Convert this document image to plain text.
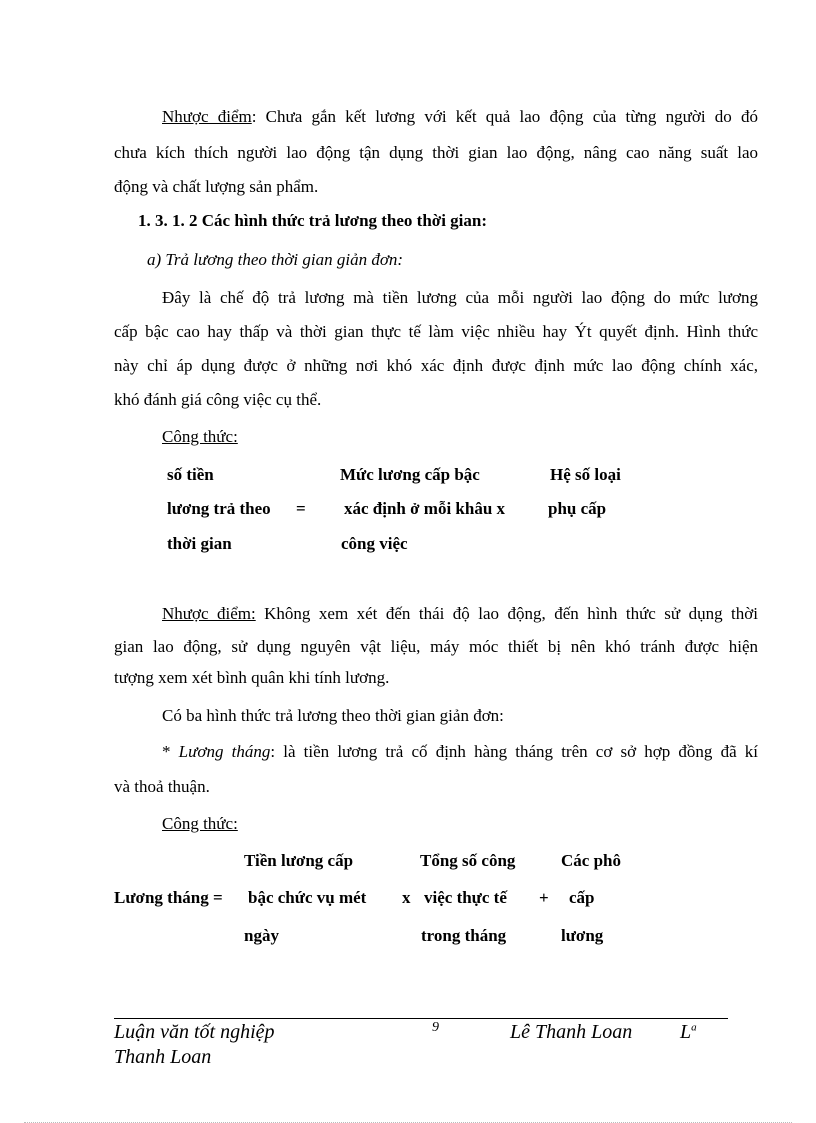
Nhược điểm: Chưa gắn kết lương với kết quả lao động của từng người do đó
chưa kích thích người lao động tận dụng thời gian lao động, nâng cao năng suất lao
động và chất lượng sản phẩm.
1. 3. 1. 2 Các hình thức trả lương theo thời gian:
a) Trả lương theo thời gian giản đơn:
Đây là chế độ trả lương mà tiền lương của mỗi người lao động do mức lương
cấp bậc cao hay thấp và thời gian thực tế làm việc nhiều hay Ýt quyết định. Hình thức
này chỉ áp dụng được ở những nơi khó xác định được định mức lao động chính xác,
khó đánh giá công việc cụ thể.
Công thức:
số tiền
lương trả theo
thời gian
=
Mức lương cấp bậc
xác định ở mỗi khâu x
công việc
Hệ số loại
phụ cấp
Nhược điểm: Không xem xét đến thái độ lao động, đến hình thức sử dụng thời
gian lao động, sử dụng nguyên vật liệu, máy móc thiết bị nên khó tránh được hiện
tượng xem xét bình quân khi tính lương.
Có ba hình thức trả lương theo thời gian giản đơn:
* Lương tháng: là tiền lương trả cố định hàng tháng trên cơ sở hợp đồng đã kí
và thoả thuận.
Công thức:
Tiền lương cấp
Lương tháng = bậc chức vụ mét
ngày
x
Tổng số công
việc thực tế
trong tháng
+
Các phô
cấp
lương
Luận văn tốt nghiệp
Thanh Loan
9	Lê Thanh Loan $L^a$
